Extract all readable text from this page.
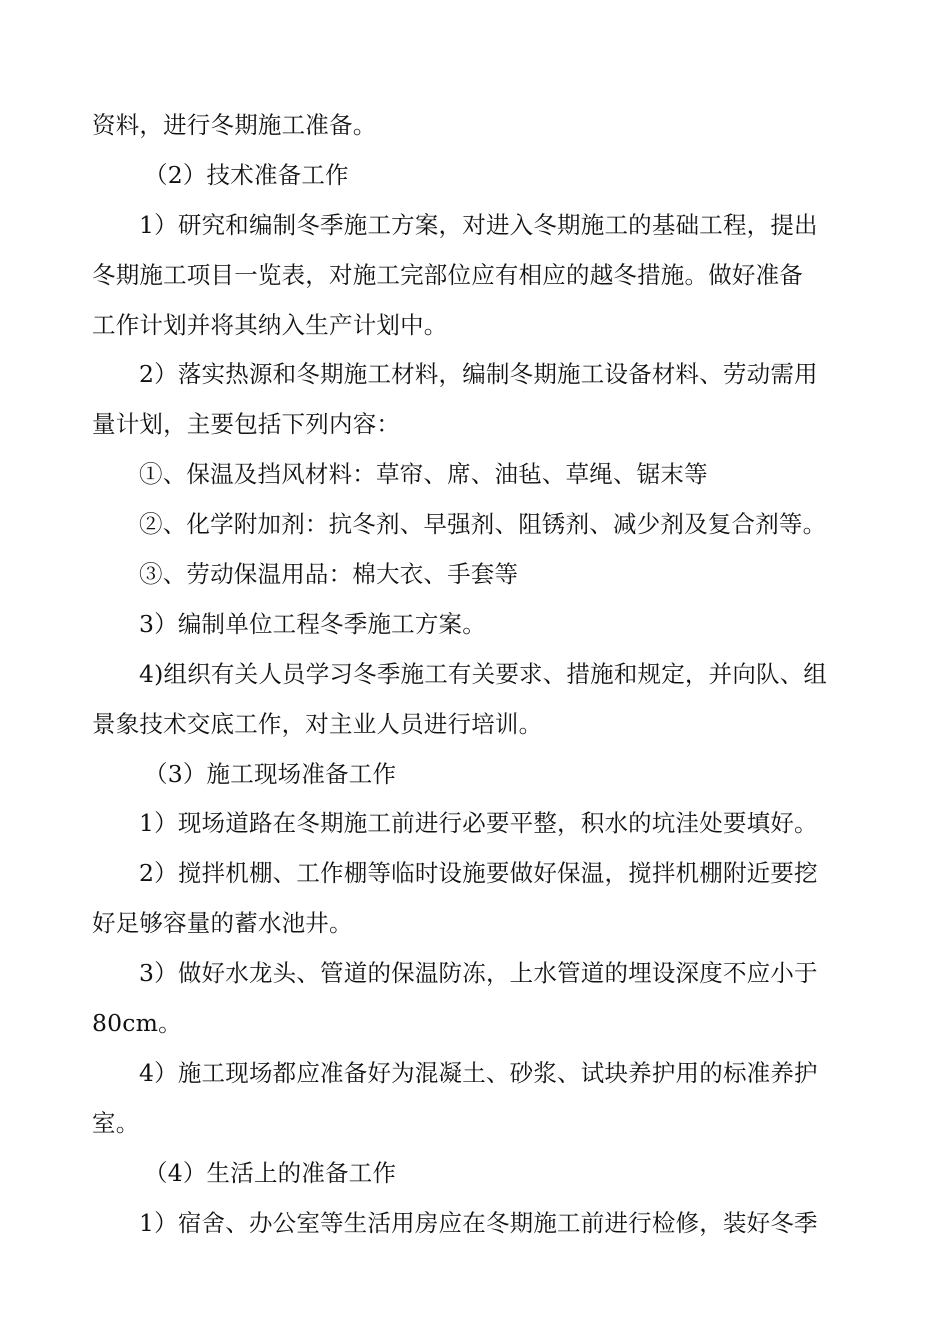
资料，进行冬期施工准备。
（2）技术准备工作
1）研究和编制冬季施工方案，对进入冬期施工的基础工程，提出
冬期施工项目一览表，对施工完部位应有相应的越冬措施。做好准备
工作计划并将其纳入生产计划中。
2）落实热源和冬期施工材料，编制冬期施工设备材料、劳动需用
量计划，主要包括下列内容：
①、保温及挡风材料：草帘、席、油毡、草绳、锯末等
②、化学附加剂：抗冬剂、早强剂、阻锈剂、减少剂及复合剂等。
③、劳动保温用品：棉大衣、手套等
3）编制单位工程冬季施工方案。
4)组织有关人员学习冬季施工有关要求、措施和规定，并向队、组
景象技术交底工作，对主业人员进行培训。
（3）施工现场准备工作
1）现场道路在冬期施工前进行必要平整，积水的坑洼处要填好。
2）搅拌机棚、工作棚等临时设施要做好保温，搅拌机棚附近要挖
好足够容量的蓄水池井。
3）做好水龙头、管道的保温防冻，上水管道的埋设深度不应小于
80cm。
4）施工现场都应准备好为混凝土、砂浆、试块养护用的标准养护
室。
（4）生活上的准备工作
1）宿舍、办公室等生活用房应在冬期施工前进行检修，装好冬季
